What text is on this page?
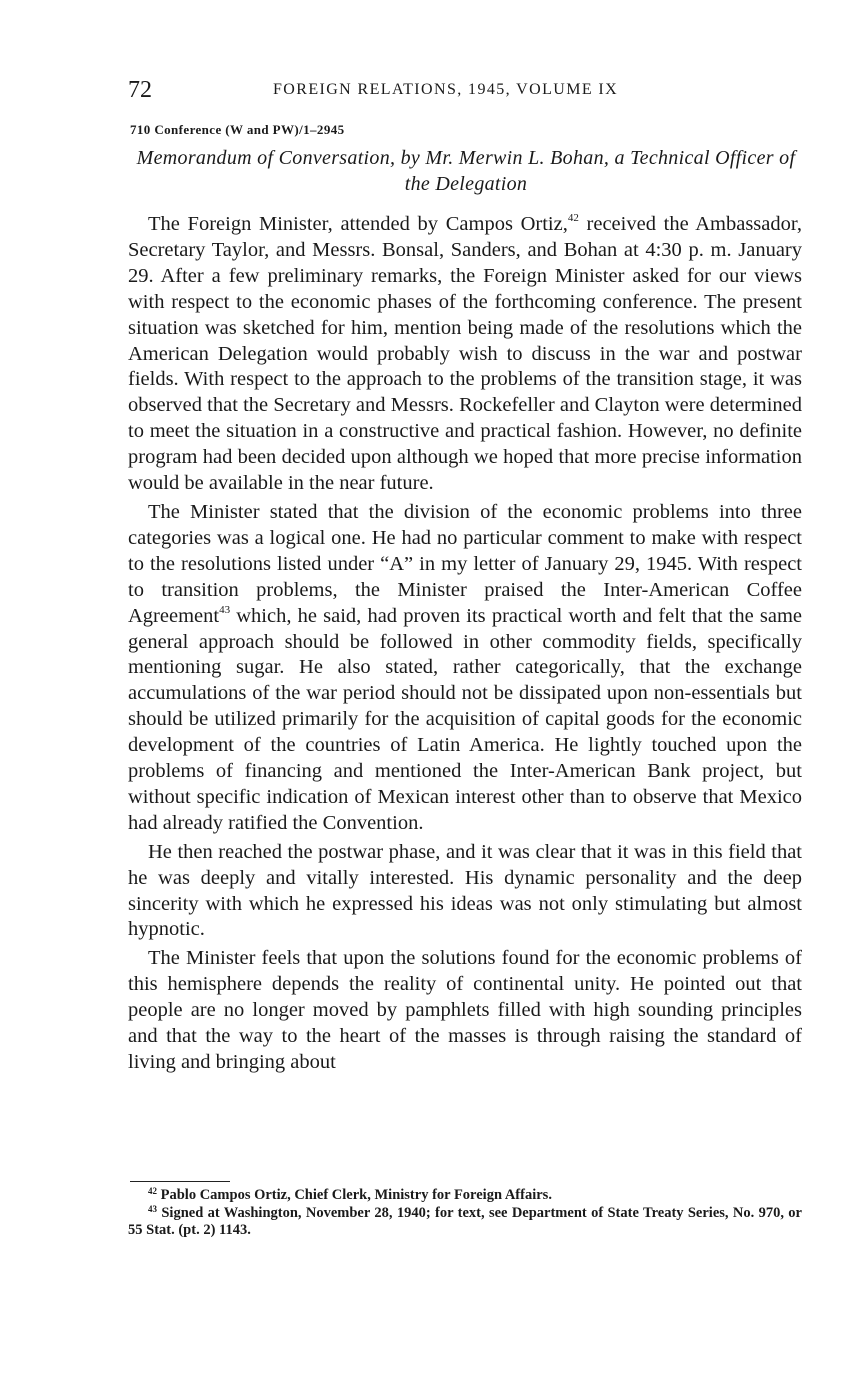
72	FOREIGN RELATIONS, 1945, VOLUME IX
710 Conference (W and PW)/1–2945
Memorandum of Conversation, by Mr. Merwin L. Bohan, a Technical Officer of the Delegation

The Foreign Minister, attended by Campos Ortiz,$^{42}$ received the Ambassador, Secretary Taylor, and Messrs. Bonsal, Sanders, and Bohan at 4:30 p. m. January 29. After a few preliminary remarks, the Foreign Minister asked for our views with respect to the economic phases of the forthcoming conference. The present situation was sketched for him, mention being made of the resolutions which the American Delegation would probably wish to discuss in the war and postwar fields. With respect to the approach to the problems of the transition stage, it was observed that the Secretary and Messrs. Rockefeller and Clayton were determined to meet the situation in a constructive and practical fashion. However, no definite program had been decided upon although we hoped that more precise information would be available in the near future.

The Minister stated that the division of the economic problems into three categories was a logical one. He had no particular comment to make with respect to the resolutions listed under “A” in my letter of January 29, 1945. With respect to transition problems, the Minister praised the Inter-American Coffee Agreement$^{43}$ which, he said, had proven its practical worth and felt that the same general approach should be followed in other commodity fields, specifically mentioning sugar. He also stated, rather categorically, that the exchange accumulations of the war period should not be dissipated upon non-essentials but should be utilized primarily for the acquisition of capital goods for the economic development of the countries of Latin America. He lightly touched upon the problems of financing and mentioned the Inter-American Bank project, but without specific indication of Mexican interest other than to observe that Mexico had already ratified the Convention.

He then reached the postwar phase, and it was clear that it was in this field that he was deeply and vitally interested. His dynamic personality and the deep sincerity with which he expressed his ideas was not only stimulating but almost hypnotic.

The Minister feels that upon the solutions found for the economic problems of this hemisphere depends the reality of continental unity. He pointed out that people are no longer moved by pamphlets filled with high sounding principles and that the way to the heart of the masses is through raising the standard of living and bringing about

$^{42}$ Pablo Campos Ortiz, Chief Clerk, Ministry for Foreign Affairs.

$^{43}$ Signed at Washington, November 28, 1940; for text, see Department of State Treaty Series, No. 970, or 55 Stat. (pt. 2) 1143.
